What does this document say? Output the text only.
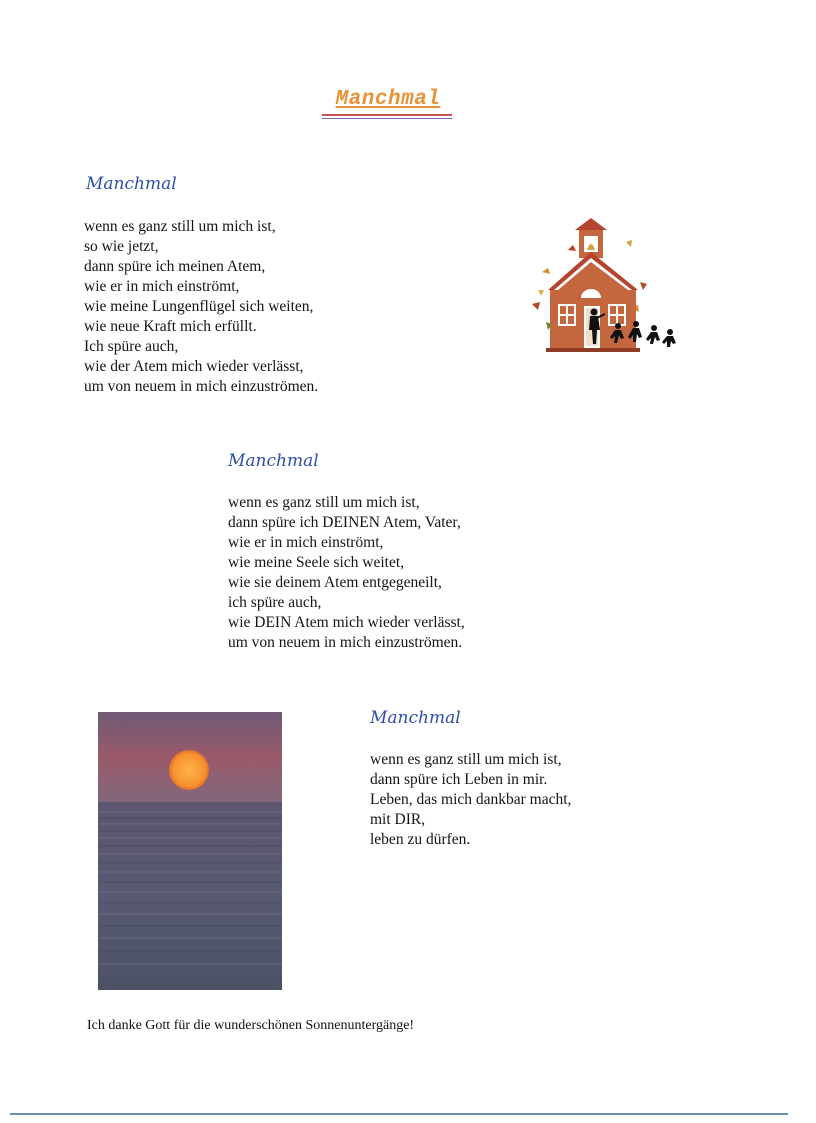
Manchmal
Manchmal
wenn es ganz still um mich ist,
so wie jetzt,
dann spüre ich meinen Atem,
wie er in mich einströmt,
wie meine Lungenflügel sich weiten,
wie neue Kraft mich erfüllt.
Ich spüre auch,
wie der Atem mich wieder verlässt,
um von neuem in mich einzuströmen.
Manchmal
wenn es ganz still um mich ist,
dann spüre ich DEINEN Atem, Vater,
wie er in mich einströmt,
wie meine Seele sich weitet,
wie sie deinem Atem entgegeneilt,
ich spüre auch,
wie DEIN Atem mich wieder verlässt,
um von neuem in mich einzuströmen.
Manchmal
wenn es ganz still um mich ist,
dann spüre ich Leben in mir.
Leben, das mich dankbar macht,
mit DIR,
leben zu dürfen.
Ich danke Gott für die wunderschönen Sonnenuntergänge!
